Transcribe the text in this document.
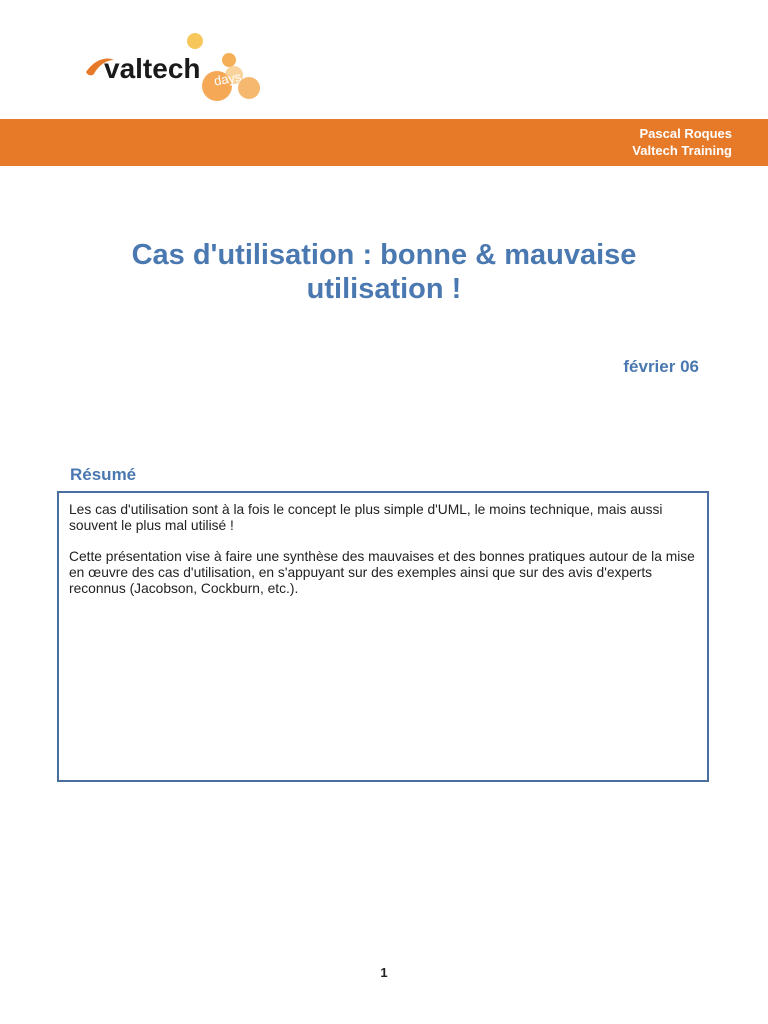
valtech days
Pascal Roques
Valtech Training
Cas d'utilisation : bonne & mauvaise
utilisation !
février 06
Résumé

Les cas d'utilisation sont à la fois le concept le plus simple d'UML, le moins technique, mais aussi souvent le plus mal utilisé !

Cette présentation vise à faire une synthèse des mauvaises et des bonnes pratiques autour de la mise en œuvre des cas d'utilisation, en s'appuyant sur des exemples ainsi que sur des avis d'experts reconnus (Jacobson, Cockburn, etc.).

1
